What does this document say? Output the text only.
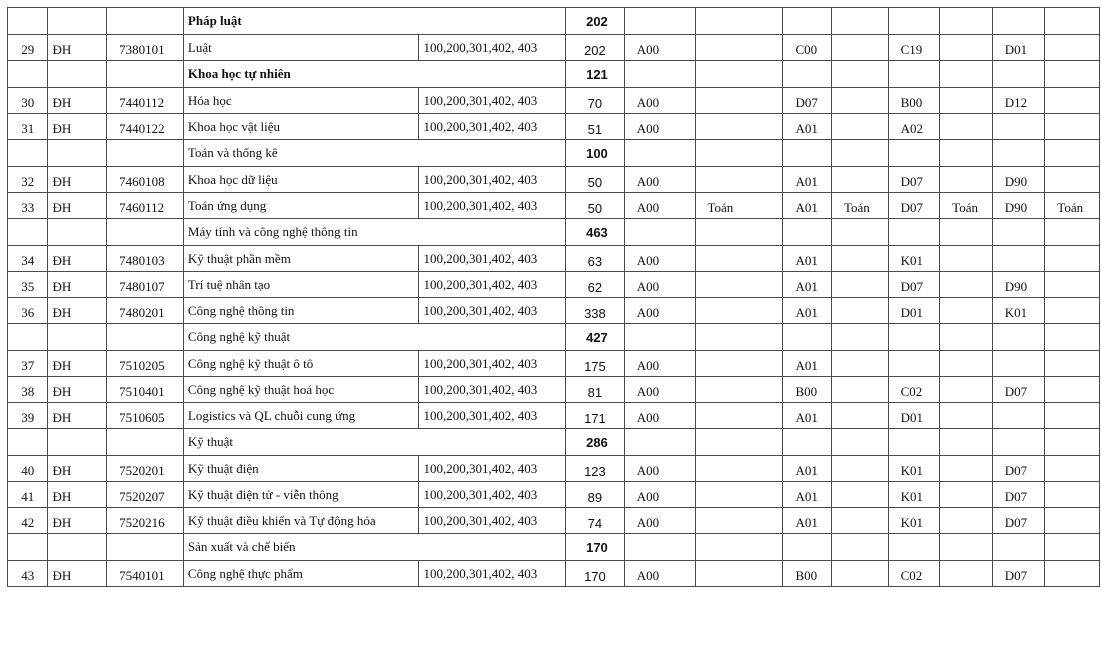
			Pháp luật		202								
29	ĐH	7380101	Luật	100,200,301,402, 403	202	A00		C00		C19		D01	
			Khoa học tự nhiên		121								
30	ĐH	7440112	Hóa học	100,200,301,402, 403	70	A00		D07		B00		D12	
31	ĐH	7440122	Khoa học vật liệu	100,200,301,402, 403	51	A00		A01		A02			
			Toán và thống kê		100								
32	ĐH	7460108	Khoa học dữ liệu	100,200,301,402, 403	50	A00		A01		D07		D90	
33	ĐH	7460112	Toán ứng dụng	100,200,301,402, 403	50	A00	Toán	A01	Toán	D07	Toán	D90	Toán
			Máy tính và công nghệ thông tin		463								
34	ĐH	7480103	Kỹ thuật phần mềm	100,200,301,402, 403	63	A00		A01		K01			
35	ĐH	7480107	Trí tuệ nhân tạo	100,200,301,402, 403	62	A00		A01		D07		D90	
36	ĐH	7480201	Công nghệ thông tin	100,200,301,402, 403	338	A00		A01		D01		K01	
			Công nghệ kỹ thuật		427								
37	ĐH	7510205	Công nghệ kỹ thuật ô tô	100,200,301,402, 403	175	A00		A01					
38	ĐH	7510401	Công nghệ kỹ thuật hoá học	100,200,301,402, 403	81	A00		B00		C02		D07	
39	ĐH	7510605	Logistics và QL chuỗi cung ứng	100,200,301,402, 403	171	A00		A01		D01			
			Kỹ thuật		286								
40	ĐH	7520201	Kỹ thuật điện	100,200,301,402, 403	123	A00		A01		K01		D07	
41	ĐH	7520207	Kỹ thuật điện tử - viễn thông	100,200,301,402, 403	89	A00		A01		K01		D07	
42	ĐH	7520216	Kỹ thuật điều khiển và Tự động hóa	100,200,301,402, 403	74	A00		A01		K01		D07	
			Sản xuất và chế biến		170								
43	ĐH	7540101	Công nghệ thực phẩm	100,200,301,402, 403	170	A00		B00		C02		D07	
